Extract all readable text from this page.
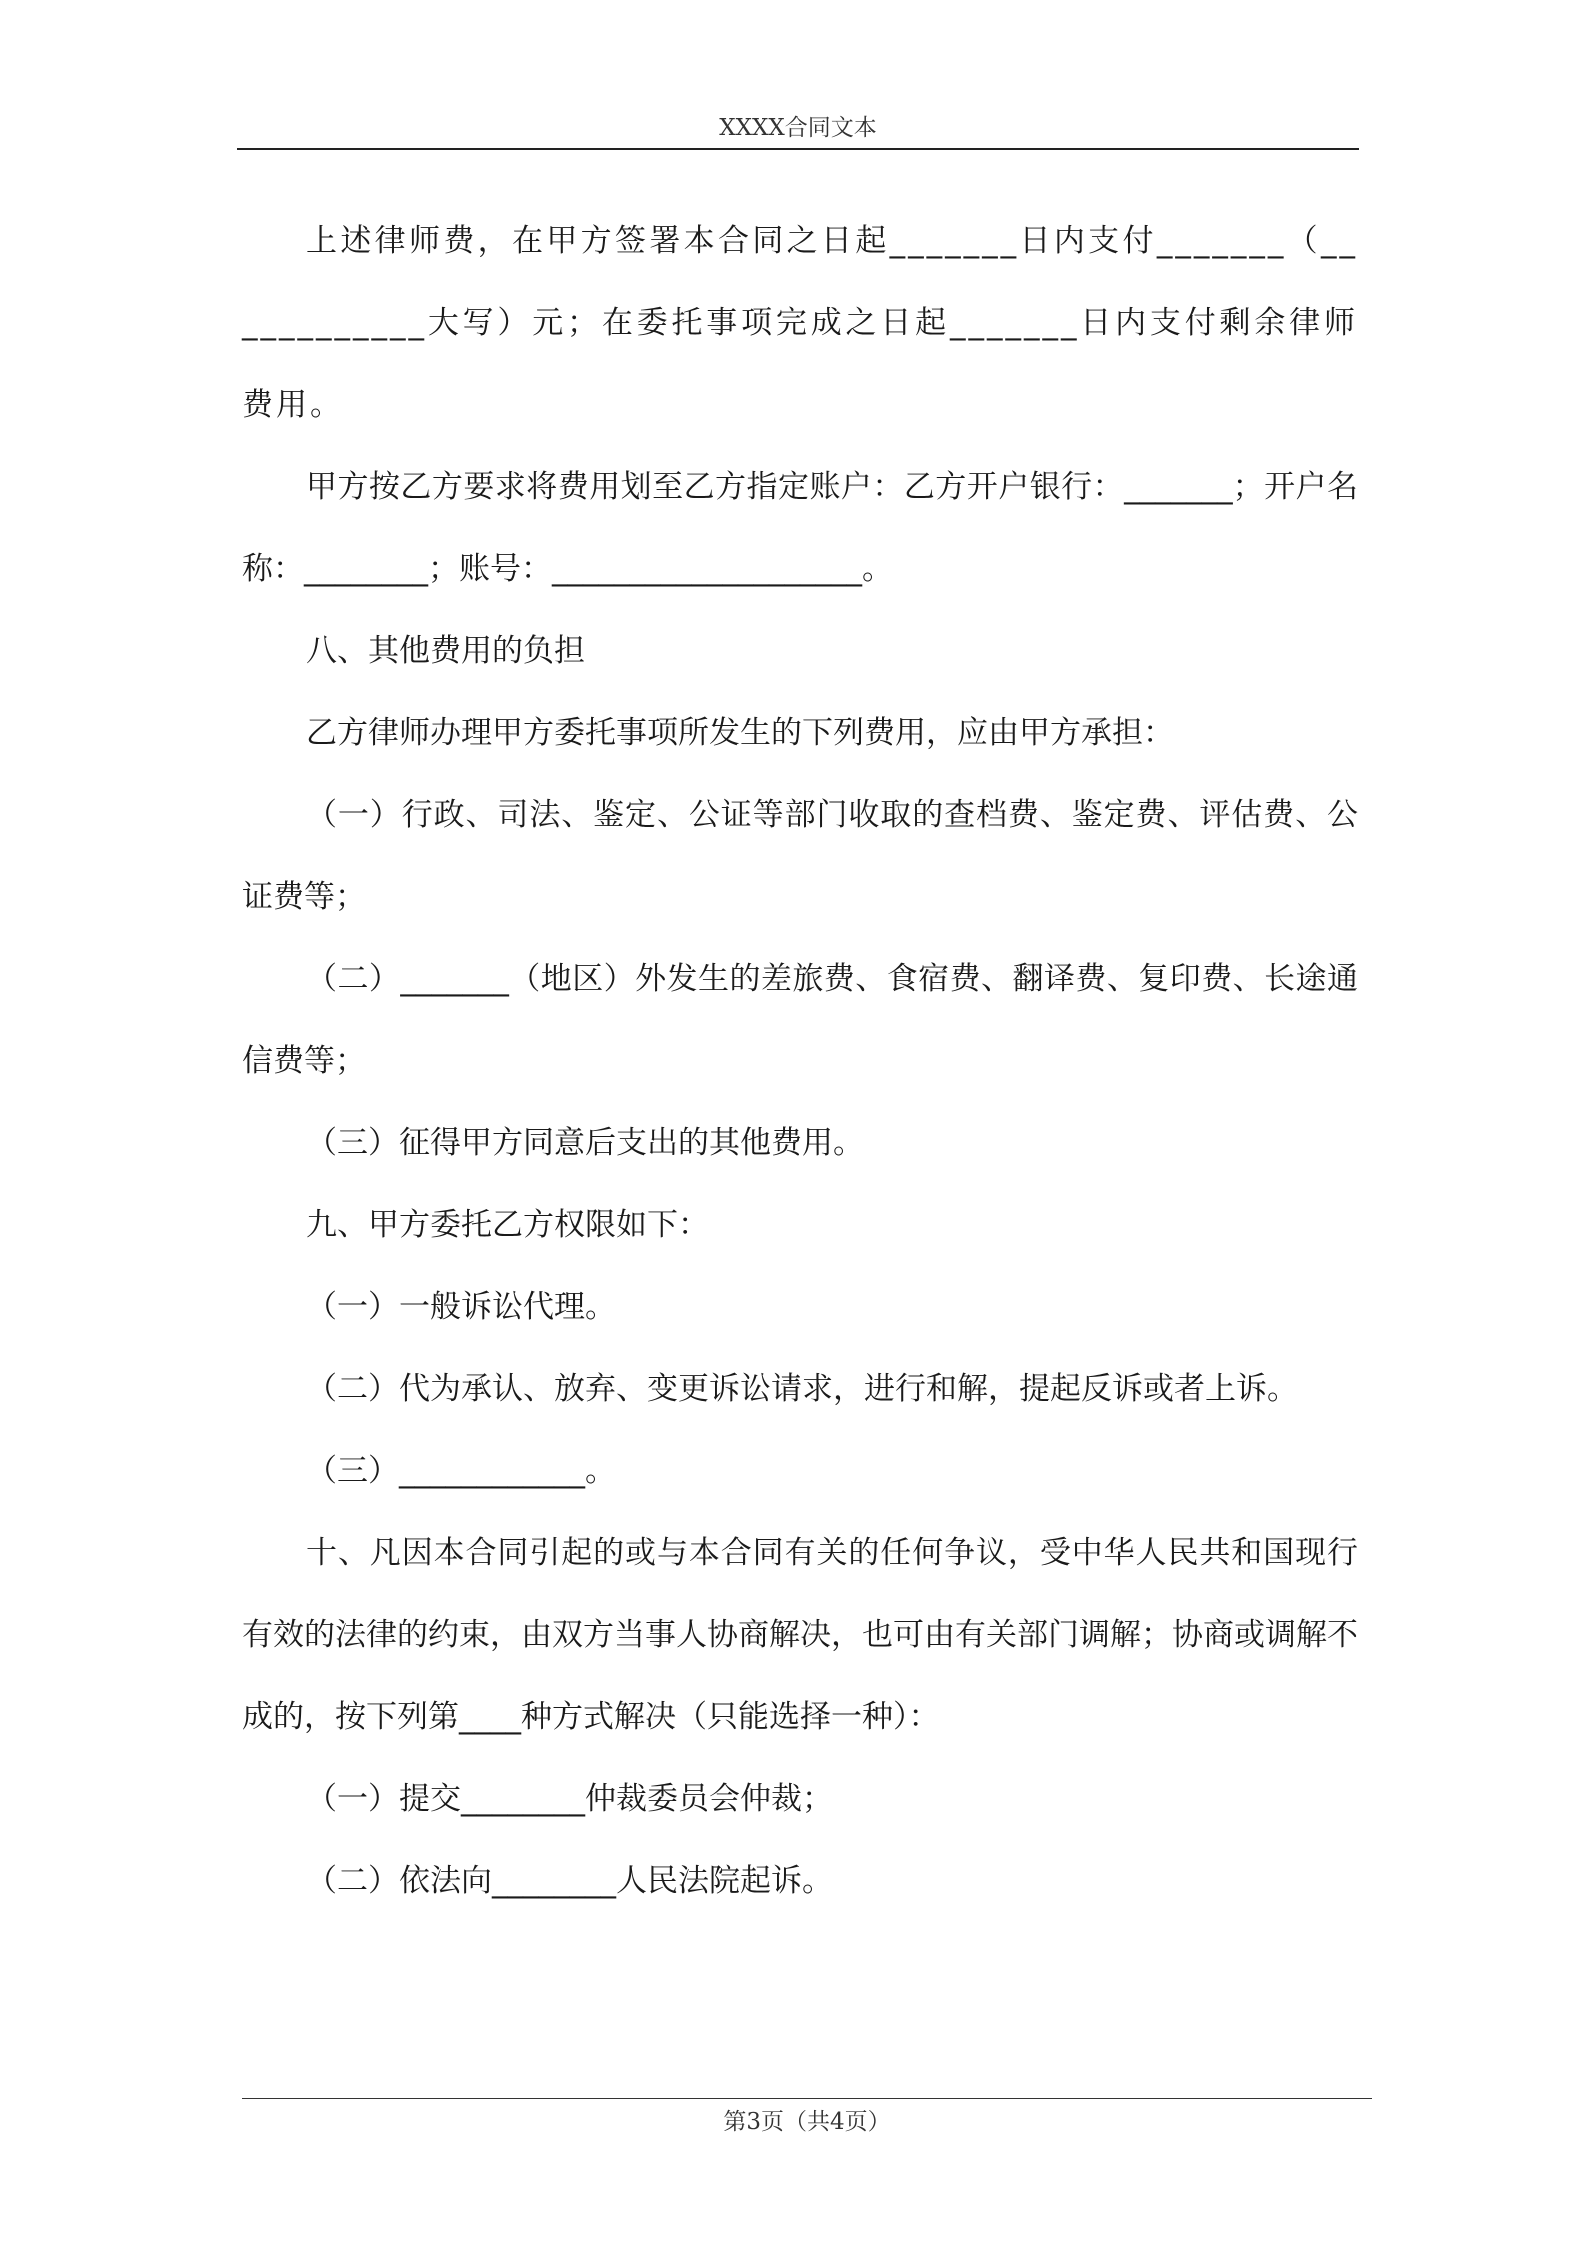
XXXX合同文本

上述律师费，在甲方签署本合同之日起_______日内支付_______（____________大写）元；在委托事项完成之日起_______日内支付剩余律师费用。

甲方按乙方要求将费用划至乙方指定账户：乙方开户银行：_______；开户名称：________；账号：____________________。

八、其他费用的负担

乙方律师办理甲方委托事项所发生的下列费用，应由甲方承担：

（一）行政、司法、鉴定、公证等部门收取的查档费、鉴定费、评估费、公证费等；

（二）_______（地区）外发生的差旅费、食宿费、翻译费、复印费、长途通信费等；

（三）征得甲方同意后支出的其他费用。

九、甲方委托乙方权限如下：

（一）一般诉讼代理。

（二）代为承认、放弃、变更诉讼请求，进行和解，提起反诉或者上诉。

（三）____________。

十、凡因本合同引起的或与本合同有关的任何争议，受中华人民共和国现行有效的法律的约束，由双方当事人协商解决，也可由有关部门调解；协商或调解不成的，按下列第____种方式解决（只能选择一种）：

（一）提交________仲裁委员会仲裁；

（二）依法向________人民法院起诉。

第3页（共4页）
